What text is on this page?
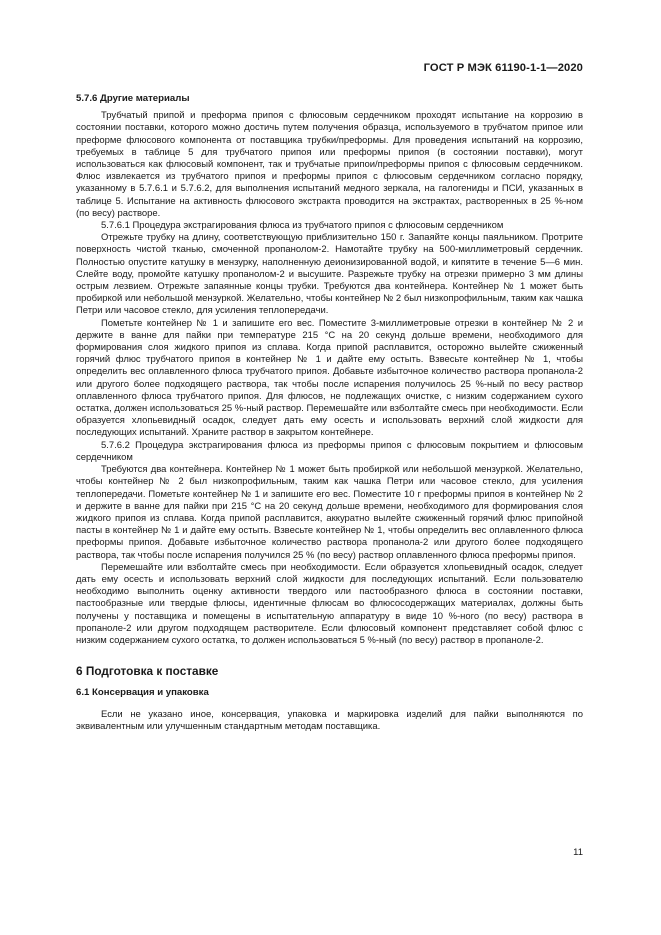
ГОСТ Р МЭК 61190-1-1—2020

5.7.6 Другие материалы

Трубчатый припой и преформа припоя с флюсовым сердечником проходят испытание на коррозию в состоянии поставки, которого можно достичь путем получения образца, используемого в трубчатом припое или преформе флюсового компонента от поставщика трубки/преформы. Для проведения испытаний на коррозию, требуемых в таблице 5 для трубчатого припоя или преформы припоя (в состоянии поставки), могут использоваться как флюсовый компонент, так и трубчатые припои/преформы припоя с флюсовым сердечником. Флюс извлекается из трубчатого припоя и преформы припоя с флюсовым сердечником согласно порядку, указанному в 5.7.6.1 и 5.7.6.2, для выполнения испытаний медного зеркала, на галогениды и ПСИ, указанных в таблице 5. Испытание на активность флюсового экстракта проводится на экстрактах, растворенных в 25 %-ном (по весу) растворе.

5.7.6.1 Процедура экстрагирования флюса из трубчатого припоя с флюсовым сердечником

Отрежьте трубку на длину, соответствующую приблизительно 150 г. Запаяйте концы паяльником. Протрите поверхность чистой тканью, смоченной пропанолом-2. Намотайте трубку на 500-миллиметровый сердечник. Полностью опустите катушку в мензурку, наполненную деионизированной водой, и кипятите в течение 5—6 мин. Слейте воду, промойте катушку пропанолом-2 и высушите. Разрежьте трубку на отрезки примерно 3 мм длины острым лезвием. Отрежьте запаянные концы трубки. Требуются два контейнера. Контейнер № 1 может быть пробиркой или небольшой мензуркой. Желательно, чтобы контейнер № 2 был низкопрофильным, таким как чашка Петри или часовое стекло, для усиления теплопередачи.

Пометьте контейнер № 1 и запишите его вес. Поместите 3-миллиметровые отрезки в контейнер № 2 и держите в ванне для пайки при температуре 215 °С на 20 секунд дольше времени, необходимого для формирования слоя жидкого припоя из сплава. Когда припой расплавится, осторожно вылейте сжиженный горячий флюс трубчатого припоя в контейнер № 1 и дайте ему остыть. Взвесьте контейнер № 1, чтобы определить вес оплавленного флюса трубчатого припоя. Добавьте избыточное количество раствора пропанола-2 или другого более подходящего раствора, так чтобы после испарения получилось 25 %-ный по весу раствор оплавленного флюса трубчатого припоя. Для флюсов, не подлежащих очистке, с низким содержанием сухого остатка, должен использоваться 25 %-ный раствор. Перемешайте или взболтайте смесь при необходимости. Если образуется хлопьевидный осадок, следует дать ему осесть и использовать верхний слой жидкости для последующих испытаний. Храните раствор в закрытом контейнере.

5.7.6.2 Процедура экстрагирования флюса из преформы припоя с флюсовым покрытием и флюсовым сердечником

Требуются два контейнера. Контейнер № 1 может быть пробиркой или небольшой мензуркой. Желательно, чтобы контейнер № 2 был низкопрофильным, таким как чашка Петри или часовое стекло, для усиления теплопередачи. Пометьте контейнер № 1 и запишите его вес. Поместите 10 г преформы припоя в контейнер № 2 и держите в ванне для пайки при 215 °С на 20 секунд дольше времени, необходимого для формирования слоя жидкого припоя из сплава. Когда припой расплавится, аккуратно вылейте сжиженный горячий флюс припойной пасты в контейнер № 1 и дайте ему остыть. Взвесьте контейнер № 1, чтобы определить вес оплавленного флюса преформы припоя. Добавьте избыточное количество раствора пропанола-2 или другого более подходящего раствора, так чтобы после испарения получился 25 % (по весу) раствор оплавленного флюса преформы припоя.

Перемешайте или взболтайте смесь при необходимости. Если образуется хлопьевидный осадок, следует дать ему осесть и использовать верхний слой жидкости для последующих испытаний. Если пользователю необходимо выполнить оценку активности твердого или пастообразного флюса в состоянии поставки, пастообразные или твердые флюсы, идентичные флюсам во флюсосодержащих материалах, должны быть получены у поставщика и помещены в испытательную аппаратуру в виде 10 %-ного (по весу) раствора в пропаноле-2 или другом подходящем растворителе. Если флюсовый компонент представляет собой флюс с низким содержанием сухого остатка, то должен использоваться 5 %-ный (по весу) раствор в пропаноле-2.

6 Подготовка к поставке

6.1 Консервация и упаковка

Если не указано иное, консервация, упаковка и маркировка изделий для пайки выполняются по эквивалентным или улучшенным стандартным методам поставщика.

11
